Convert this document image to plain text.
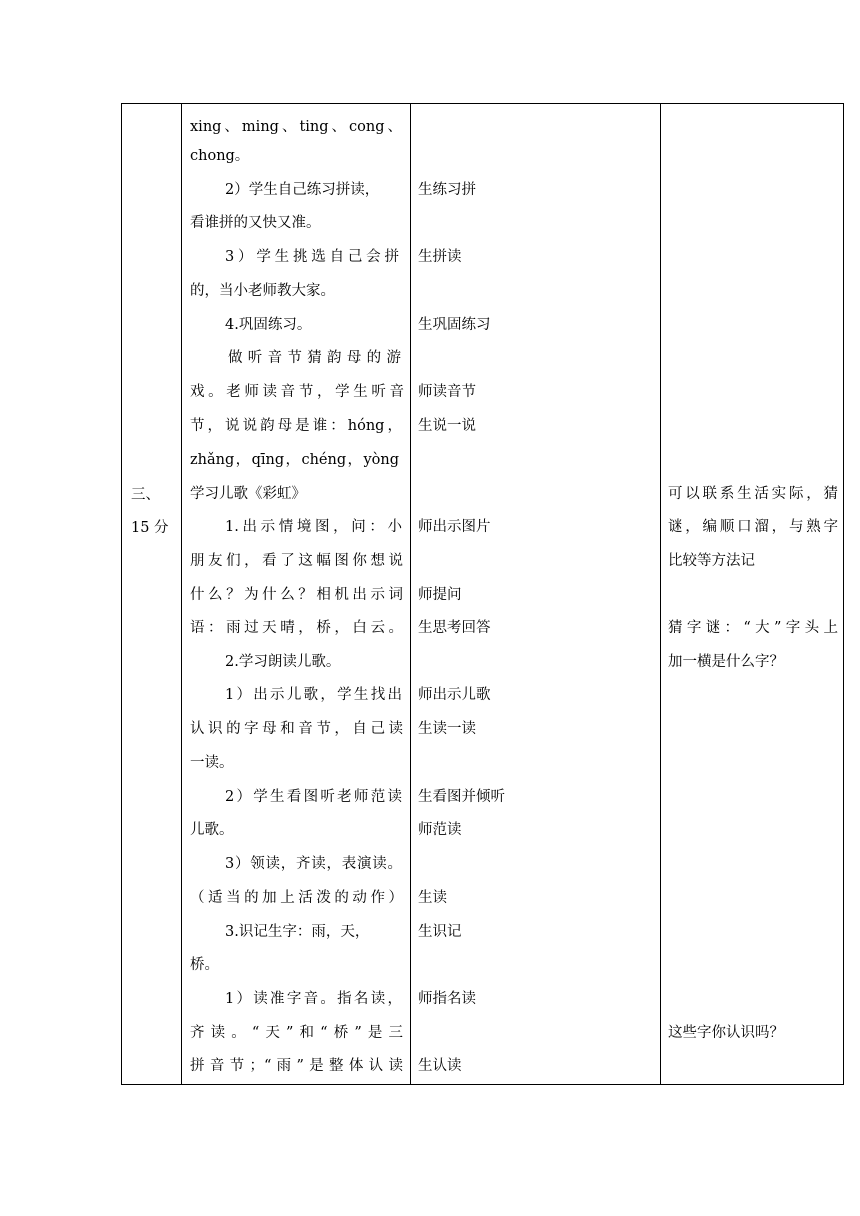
三、
15 分
xing、ming、ting、cong、
chong。
2）学生自己练习拼读，
看谁拼的又快又准。
3）学生挑选自己会拼
的，当小老师教大家。
4.巩固练习。
做听音节猜韵母的游
戏。老师读音节，学生听音
节，说说韵母是谁：hóng，
zhǎng，qīng，chéng，yòng
学习儿歌《彩虹》
1.出示情境图，问：小
朋友们，看了这幅图你想说
什么？为什么？相机出示词
语：雨过天晴，桥，白云。
2.学习朗读儿歌。
1）出示儿歌，学生找出
认识的字母和音节，自己读
一读。
2）学生看图听老师范读
儿歌。
3）领读，齐读，表演读。
（适当的加上活泼的动作）
3.识记生字：雨，天，
桥。
1）读准字音。指名读，
齐读。“天”和“桥”是三
拼音节；“雨”是整体认读
生练习拼
生拼读
生巩固练习
师读音节
生说一说
师出示图片
师提问
生思考回答
师出示儿歌
生读一读
生看图并倾听
师范读
生读
生识记
师指名读
生认读
可以联系生活实际，猜
谜，编顺口溜，与熟字
比较等方法记
猜字谜：“大”字头上
加一横是什么字？
这些字你认识吗？
